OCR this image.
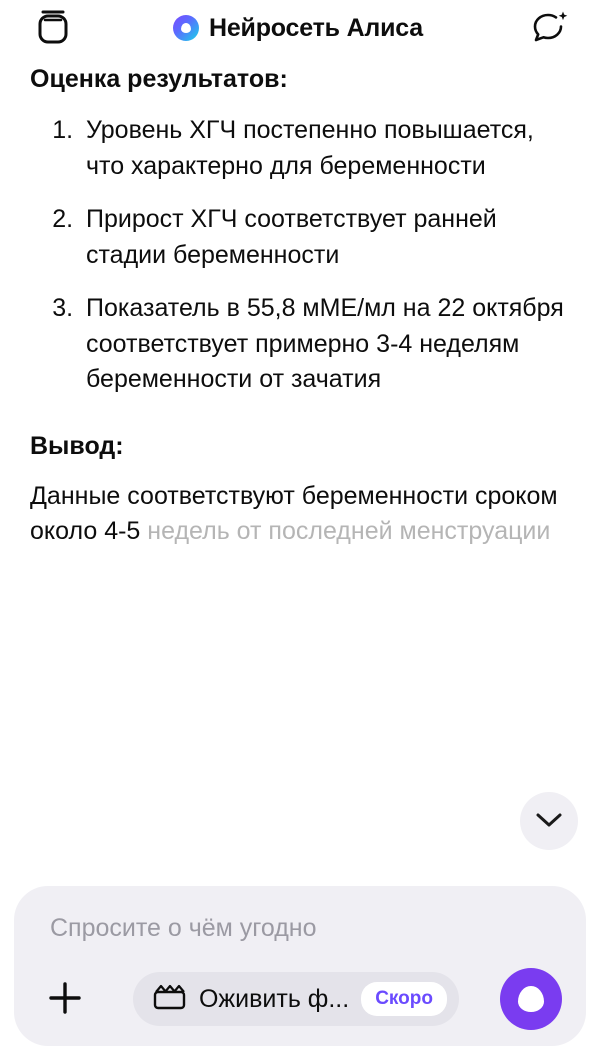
Нейросеть Алиса
Оценка результатов:
1. Уровень ХГЧ постепенно повышается, что характерно для беременности
2. Прирост ХГЧ соответствует ранней стадии беременности
3. Показатель в 55,8 мМЕ/мл на 22 октября соответствует примерно 3-4 неделям беременности от зачатия
Вывод:

Данные соответствуют беременности сроком около 4-5 недель от последней менструации

Спросите о чём угодно
Оживить ф...	Скоро
